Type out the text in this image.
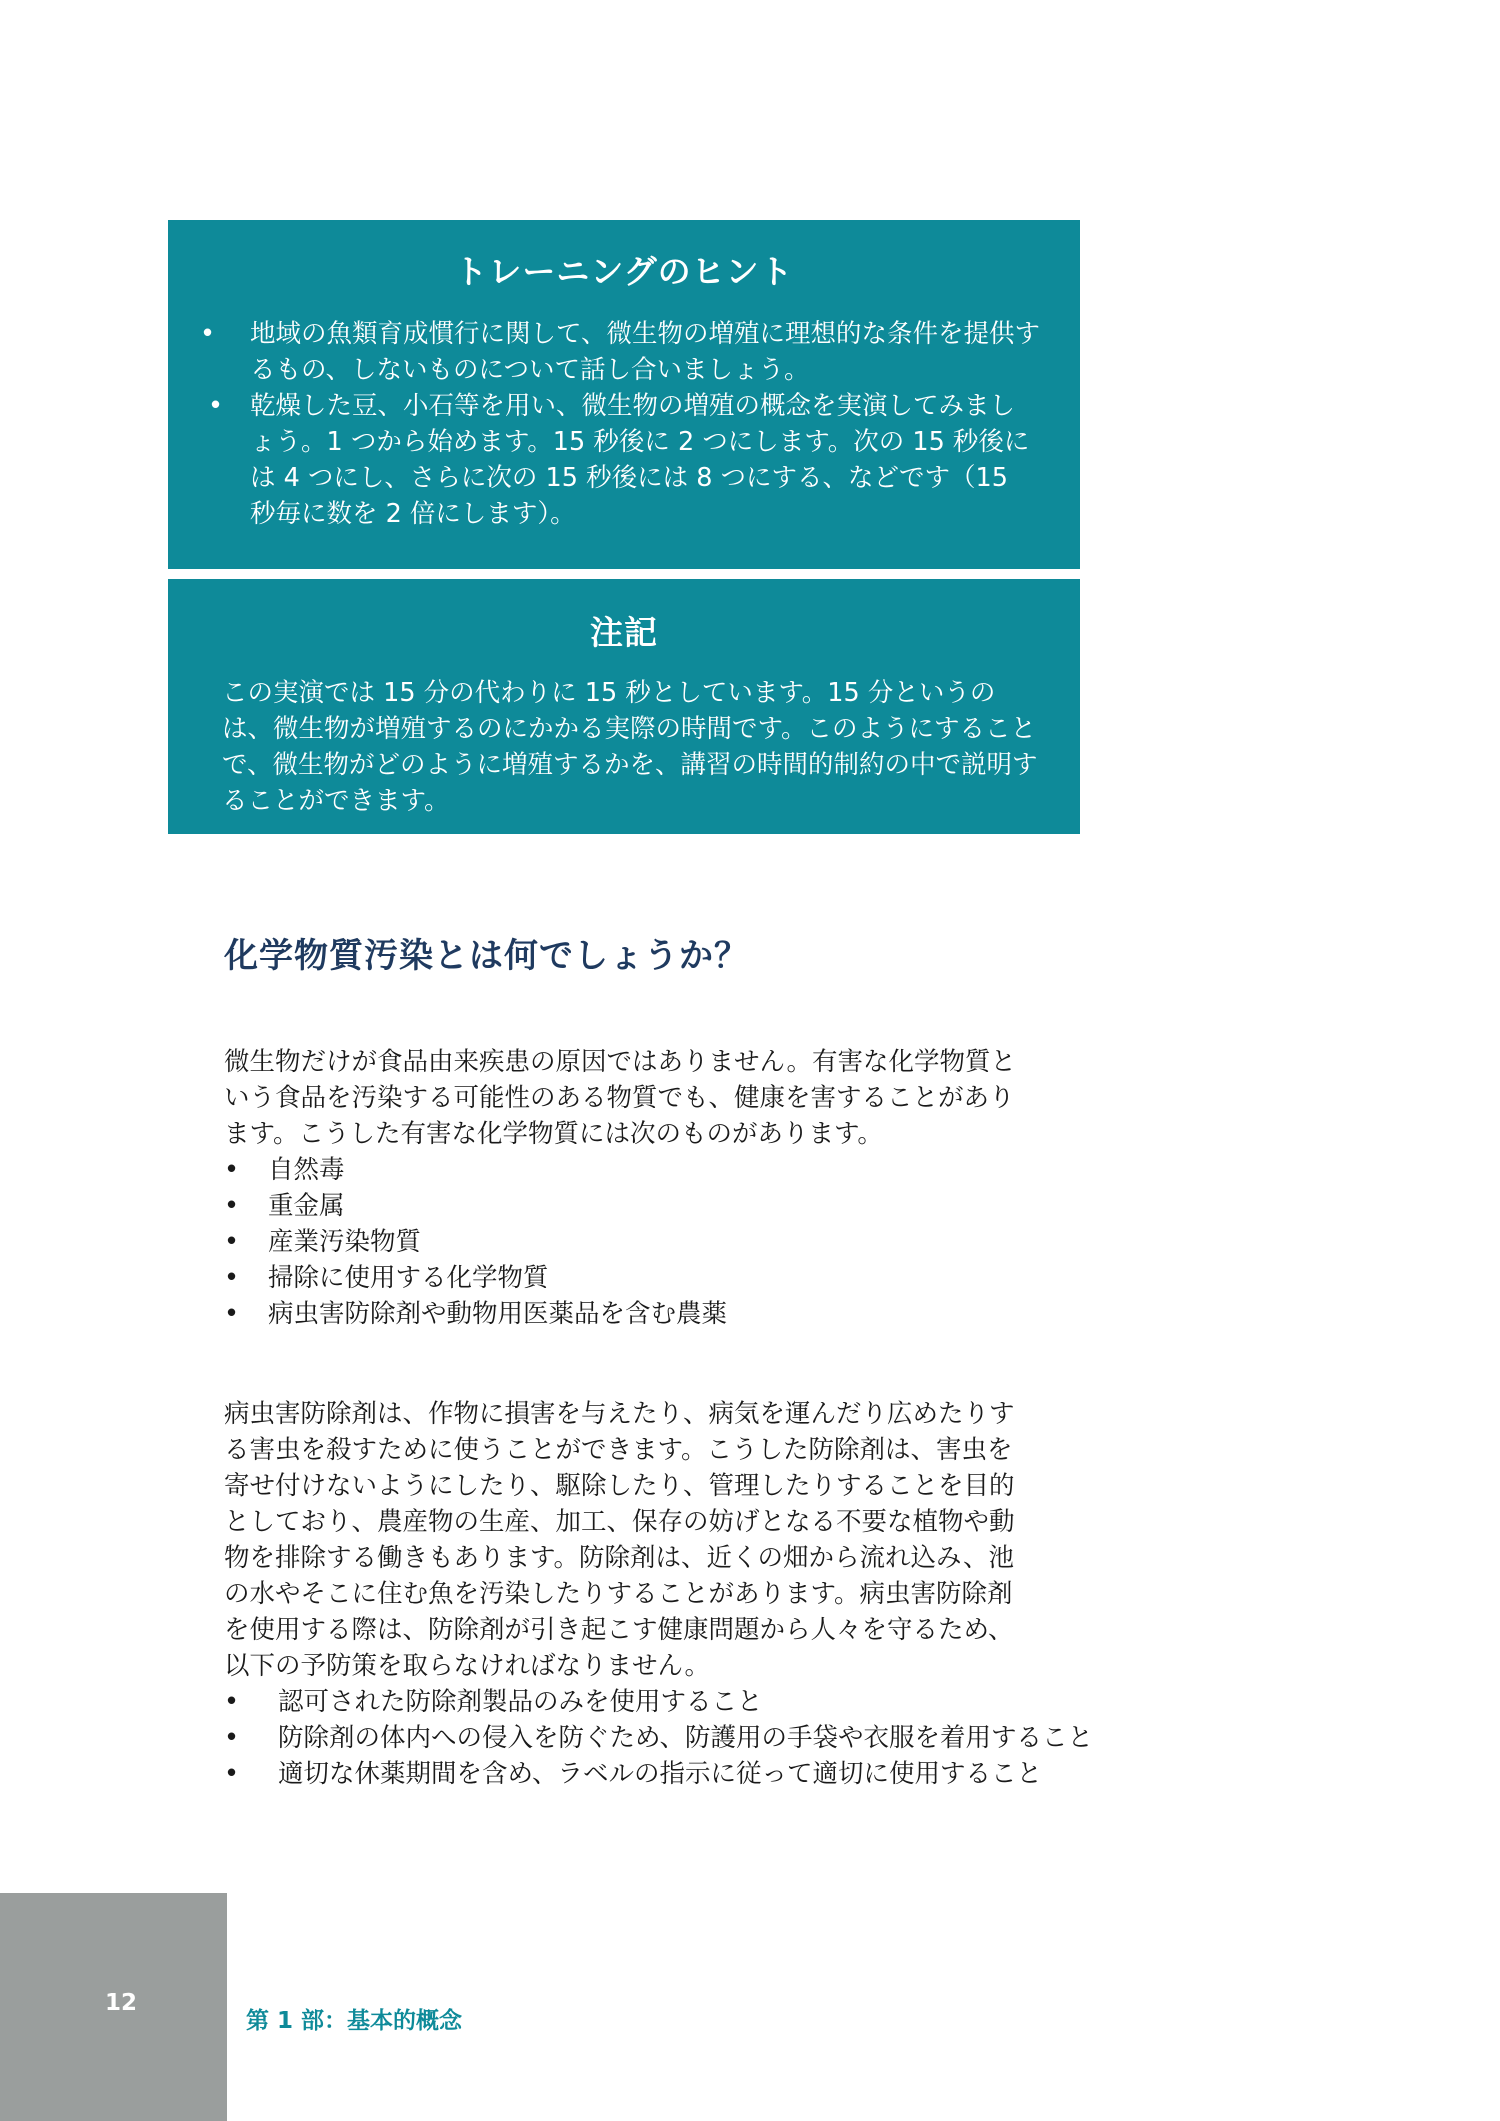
トレーニングのヒント
• 地域の魚類育成慣行に関して、微生物の増殖に理想的な条件を提供するもの、しないものについて話し合いましょう。
• 乾燥した豆、小石等を用い、微生物の増殖の概念を実演してみましょう。1 つから始めます。15 秒後に 2 つにします。次の 15 秒後には 4 つにし、さらに次の 15 秒後には 8 つにする、などです（15 秒毎に数を 2 倍にします）。
注記
この実演では 15 分の代わりに 15 秒としています。15 分というのは、微生物が増殖するのにかかる実際の時間です。このようにすることで、微生物がどのように増殖するかを、講習の時間的制約の中で説明することができます。
化学物質汚染とは何でしょうか？

微生物だけが食品由来疾患の原因ではありません。有害な化学物質という食品を汚染する可能性のある物質でも、健康を害することがあります。こうした有害な化学物質には次のものがあります。

• 自然毒
• 重金属
• 産業汚染物質
• 掃除に使用する化学物質
• 病虫害防除剤や動物用医薬品を含む農薬

病虫害防除剤は、作物に損害を与えたり、病気を運んだり広めたりする害虫を殺すために使うことができます。こうした防除剤は、害虫を寄せ付けないようにしたり、駆除したり、管理したりすることを目的としており、農産物の生産、加工、保存の妨げとなる不要な植物や動物を排除する働きもあります。防除剤は、近くの畑から流れ込み、池の水やそこに住む魚を汚染したりすることがあります。病虫害防除剤を使用する際は、防除剤が引き起こす健康問題から人々を守るため、以下の予防策を取らなければなりません。

• 認可された防除剤製品のみを使用すること
• 防除剤の体内への侵入を防ぐため、防護用の手袋や衣服を着用すること
• 適切な休薬期間を含め、ラベルの指示に従って適切に使用すること
12
第 1 部：基本的概念
